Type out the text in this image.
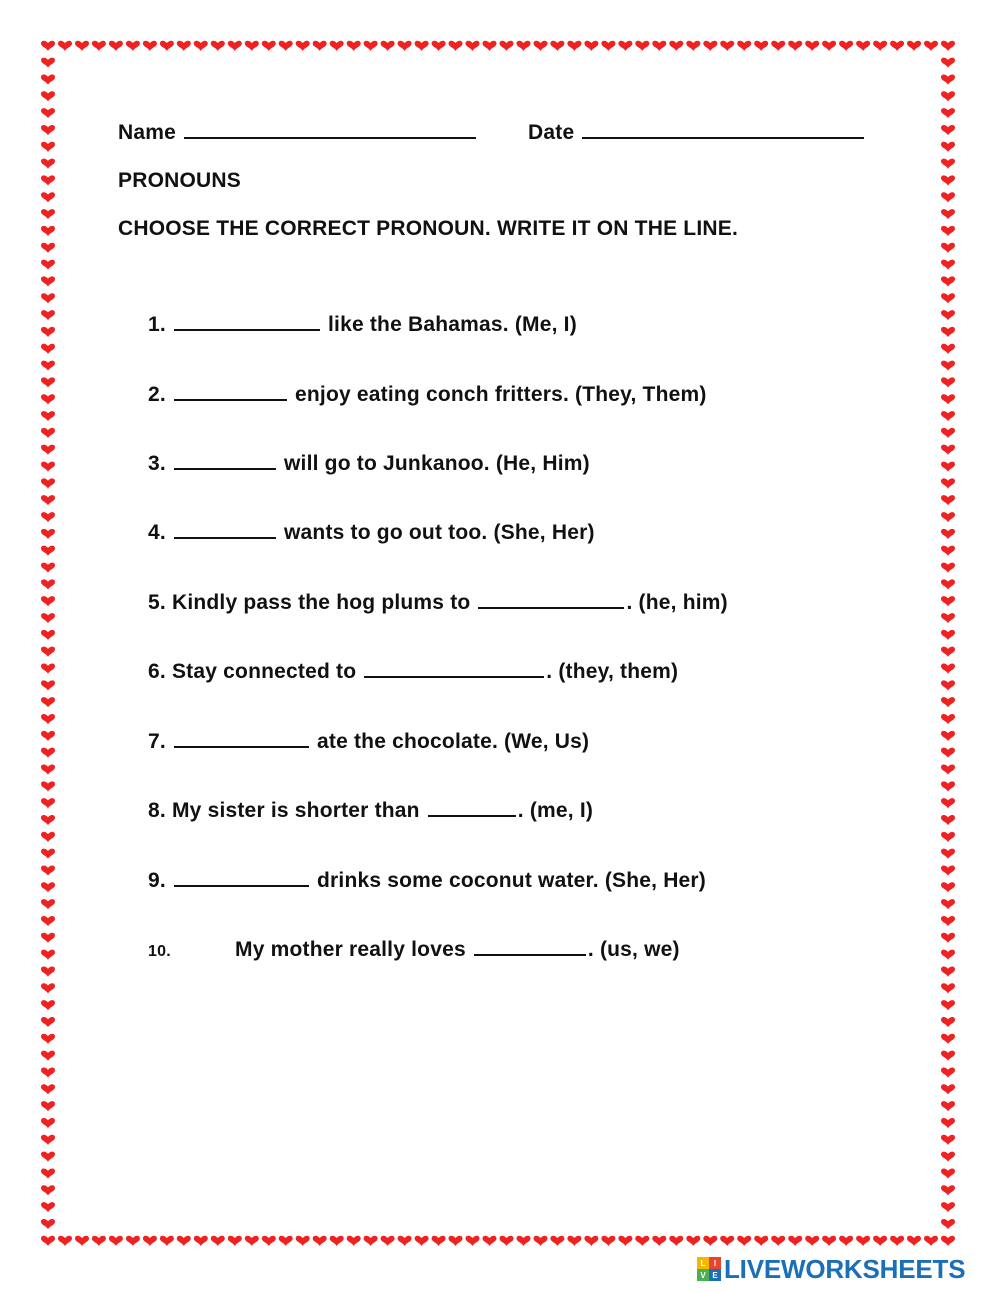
Name	Date
PRONOUNS
CHOOSE THE CORRECT PRONOUN. WRITE IT ON THE LINE.
1.	like the Bahamas. (Me, I)
2.	enjoy eating conch fritters. (They, Them)
3.	will go to Junkanoo. (He, Him)
4.	wants to go out too. (She, Her)
5. Kindly pass the hog plums to	. (he, him)
6. Stay connected to	. (they, them)
7.	ate the chocolate. (We, Us)
8. My sister is shorter than	. (me, I)
9.	drinks some coconut water. (She, Her)
10.	My mother really loves	. (us, we)
L	I
V E LIVEWORKSHEETS
